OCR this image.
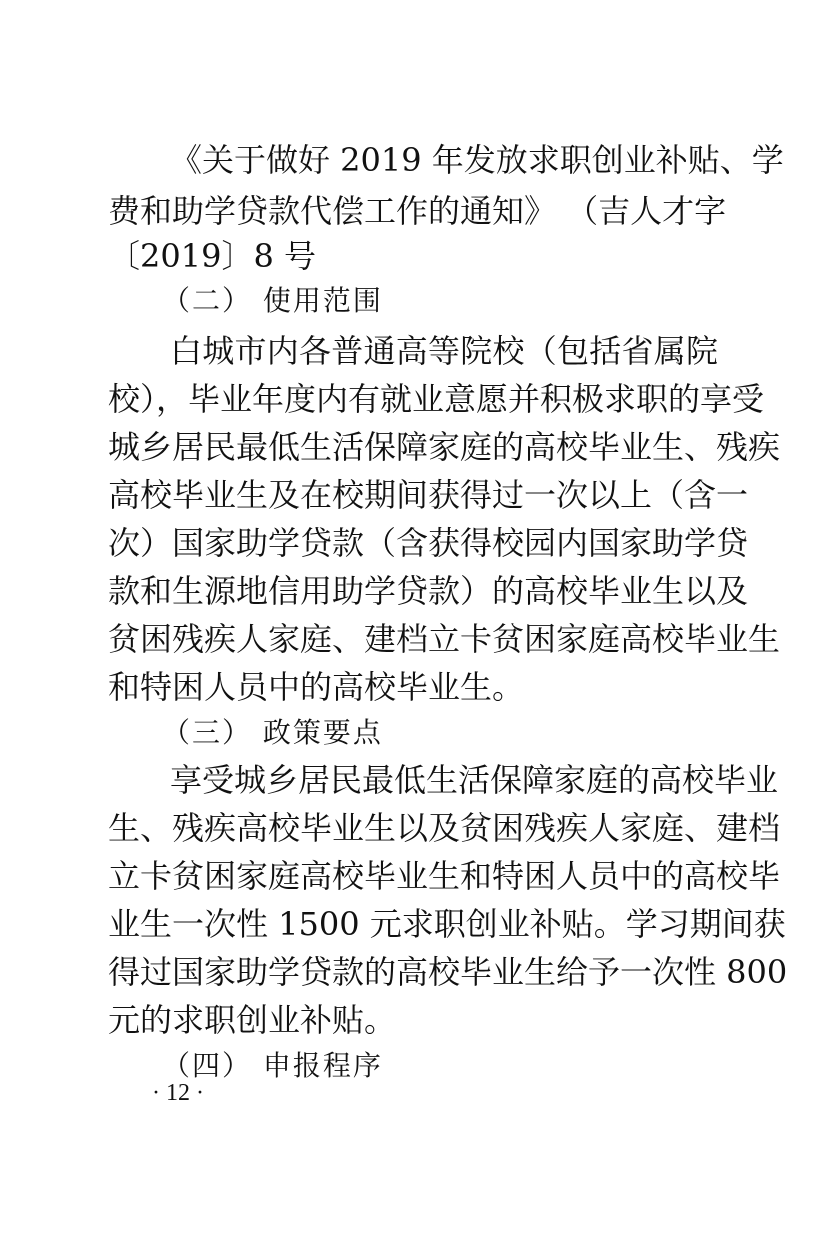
《关于做好 2019 年发放求职创业补贴、学
费和助学贷款代偿工作的通知》 （吉人才字
〔2019〕8 号
（二） 使用范围
白城市内各普通高等院校（包括省属院
校），毕业年度内有就业意愿并积极求职的享受
城乡居民最低生活保障家庭的高校毕业生、残疾
高校毕业生及在校期间获得过一次以上（含一
次）国家助学贷款（含获得校园内国家助学贷
款和生源地信用助学贷款）的高校毕业生以及
贫困残疾人家庭、建档立卡贫困家庭高校毕业生
和特困人员中的高校毕业生。
（三） 政策要点
享受城乡居民最低生活保障家庭的高校毕业
生、残疾高校毕业生以及贫困残疾人家庭、建档
立卡贫困家庭高校毕业生和特困人员中的高校毕
业生一次性 1500 元求职创业补贴。学习期间获
得过国家助学贷款的高校毕业生给予一次性 800
元的求职创业补贴。
（四） 申报程序
· 12 ·
